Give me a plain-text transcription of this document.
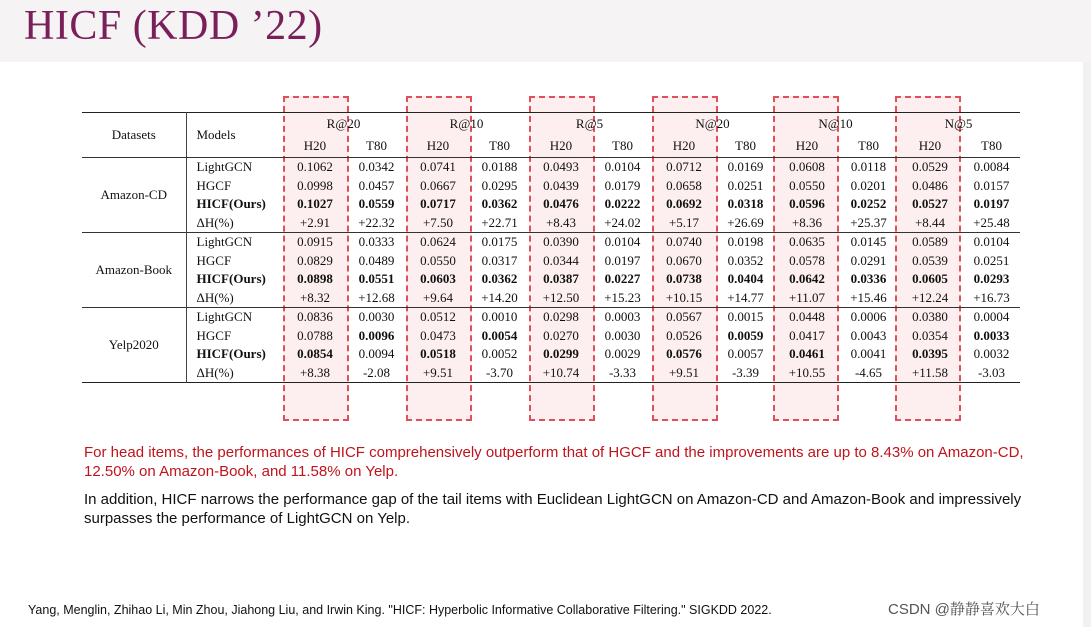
HICF (KDD ’22)
Datasets	Models	R@20		R@10		R@5		N@20		N@10		N@5	
		H20	T80	H20	T80	H20	T80	H20	T80	H20	T80	H20	T80
Amazon-CD	LightGCN	0.1062	0.0342	0.0741	0.0188	0.0493	0.0104	0.0712	0.0169	0.0608	0.0118	0.0529	0.0084
	HGCF	0.0998	0.0457	0.0667	0.0295	0.0439	0.0179	0.0658	0.0251	0.0550	0.0201	0.0486	0.0157
	HICF(Ours)	0.1027	0.0559	0.0717	0.0362	0.0476	0.0222	0.0692	0.0318	0.0596	0.0252	0.0527	0.0197
	ΔH(%)	+2.91	+22.32	+7.50	+22.71	+8.43	+24.02	+5.17	+26.69	+8.36	+25.37	+8.44	+25.48
Amazon-Book	LightGCN	0.0915	0.0333	0.0624	0.0175	0.0390	0.0104	0.0740	0.0198	0.0635	0.0145	0.0589	0.0104
	HGCF	0.0829	0.0489	0.0550	0.0317	0.0344	0.0197	0.0670	0.0352	0.0578	0.0291	0.0539	0.0251
	HICF(Ours)	0.0898	0.0551	0.0603	0.0362	0.0387	0.0227	0.0738	0.0404	0.0642	0.0336	0.0605	0.0293
	ΔH(%)	+8.32	+12.68	+9.64	+14.20	+12.50	+15.23	+10.15	+14.77	+11.07	+15.46	+12.24	+16.73
Yelp2020	LightGCN	0.0836	0.0030	0.0512	0.0010	0.0298	0.0003	0.0567	0.0015	0.0448	0.0006	0.0380	0.0004
	HGCF	0.0788	0.0096	0.0473	0.0054	0.0270	0.0030	0.0526	0.0059	0.0417	0.0043	0.0354	0.0033
	HICF(Ours)	0.0854	0.0094	0.0518	0.0052	0.0299	0.0029	0.0576	0.0057	0.0461	0.0041	0.0395	0.0032
	ΔH(%)	+8.38	-2.08	+9.51	-3.70	+10.74	-3.33	+9.51	-3.39	+10.55	-4.65	+11.58	-3.03
For head items, the performances of HICF comprehensively outperform that of HGCF and the improvements are up to 8.43% on Amazon-CD, 12.50% on Amazon-Book, and 11.58% on Yelp.
In addition, HICF narrows the performance gap of the tail items with Euclidean LightGCN on Amazon-CD and Amazon-Book and impressively surpasses the performance of LightGCN on Yelp.
Yang, Menglin, Zhihao Li, Min Zhou, Jiahong Liu, and Irwin King. "HICF: Hyperbolic Informative Collaborative Filtering." SIGKDD 2022.	CSDN @静静喜欢大白
